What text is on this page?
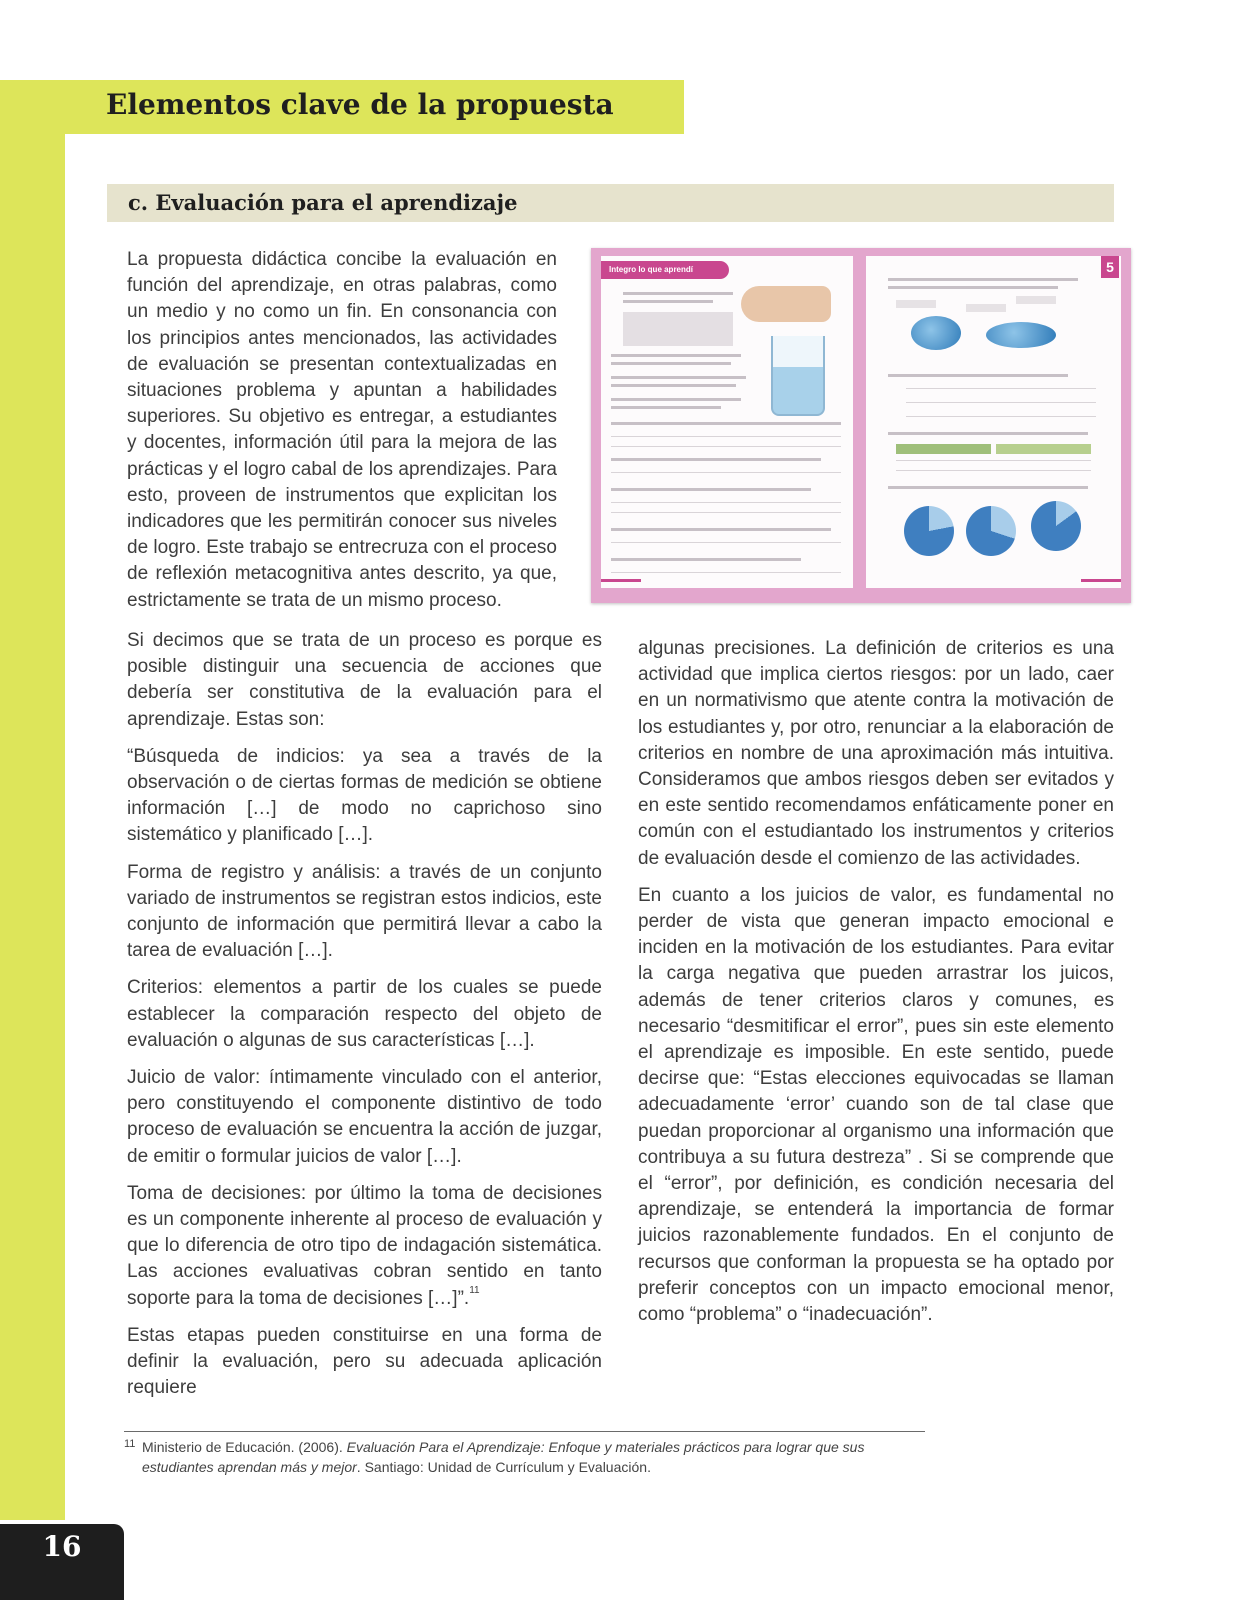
Elementos clave de la propuesta
c. Evaluación para el aprendizaje

La propuesta didáctica concibe la evaluación en función del aprendizaje, en otras palabras, como un medio y no como un fin. En consonancia con los principios antes mencionados, las actividades de evaluación se presentan contextualizadas en situaciones problema y apuntan a habilidades superiores. Su objetivo es entregar, a estudiantes y docentes, información útil para la mejora de las prácticas y el logro cabal de los aprendizajes. Para esto, proveen de instrumentos que explicitan los indicadores que les permitirán conocer sus niveles de logro. Este trabajo se entrecruza con el proceso de reflexión metacognitiva antes descrito, ya que, estrictamente se trata de un mismo proceso.

Integro lo que aprendí	5

Si decimos que se trata de un proceso es porque es posible distinguir una secuencia de acciones que debería ser constitutiva de la evaluación para el aprendizaje. Estas son:

“Búsqueda de indicios: ya sea a través de la observación o de ciertas formas de medición se obtiene información […] de modo no caprichoso sino sistemático y planificado […].

Forma de registro y análisis: a través de un conjunto variado de instrumentos se registran estos indicios, este conjunto de información que permitirá llevar a cabo la tarea de evaluación […].

Criterios: elementos a partir de los cuales se puede establecer la comparación respecto del objeto de evaluación o algunas de sus características […].

Juicio de valor: íntimamente vinculado con el anterior, pero constituyendo el componente distintivo de todo proceso de evaluación se encuentra la acción de juzgar, de emitir o formular juicios de valor […].

Toma de decisiones: por último la toma de decisiones es un componente inherente al proceso de evaluación y que lo diferencia de otro tipo de indagación sistemática. Las acciones evaluativas cobran sentido en tanto soporte para la toma de decisiones […]”.$^{11}$

Estas etapas pueden constituirse en una forma de definir la evaluación, pero su adecuada aplicación requiere

algunas precisiones. La definición de criterios es una actividad que implica ciertos riesgos: por un lado, caer en un normativismo que atente contra la motivación de los estudiantes y, por otro, renunciar a la elaboración de criterios en nombre de una aproximación más intuitiva. Consideramos que ambos riesgos deben ser evitados y en este sentido recomendamos enfáticamente poner en común con el estudiantado los instrumentos y criterios de evaluación desde el comienzo de las actividades.

En cuanto a los juicios de valor, es fundamental no perder de vista que generan impacto emocional e inciden en la motivación de los estudiantes. Para evitar la carga negativa que pueden arrastrar los juicos, además de tener criterios claros y comunes, es necesario “desmitificar el error”, pues sin este elemento el aprendizaje es imposible. En este sentido, puede decirse que: “Estas elecciones equivocadas se llaman adecuadamente ‘error’ cuando son de tal clase que puedan proporcionar al organismo una información que contribuya a su futura destreza” . Si se comprende que el “error”, por definición, es condición necesaria del aprendizaje, se entenderá la importancia de formar juicios razonablemente fundados. En el conjunto de recursos que conforman la propuesta se ha optado por preferir conceptos con un impacto emocional menor, como “problema” o “inadecuación”.

11 Ministerio de Educación. (2006). Evaluación Para el Aprendizaje: Enfoque y materiales prácticos para lograr que sus estudiantes aprendan más y mejor. Santiago: Unidad de Currículum y Evaluación.
16
